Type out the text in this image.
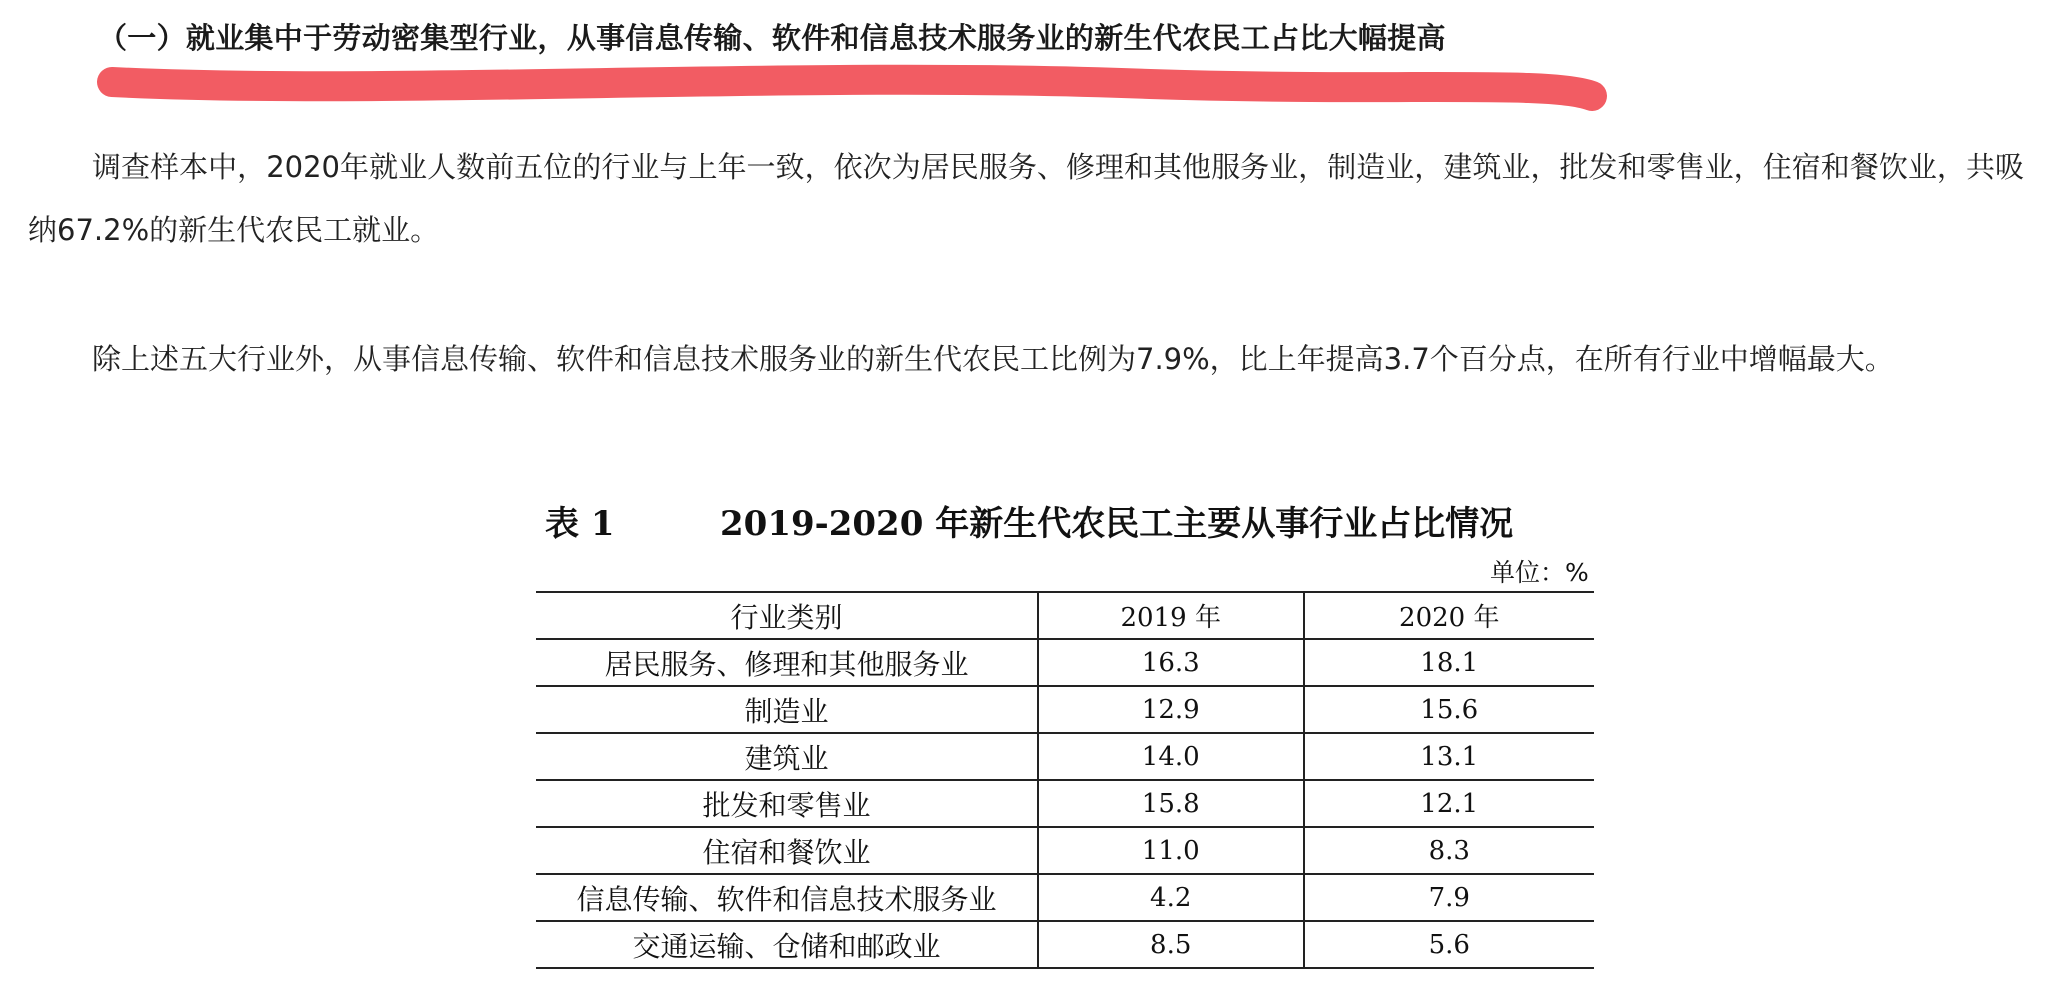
（一）就业集中于劳动密集型行业，从事信息传输、软件和信息技术服务业的新生代农民工占比大幅提高

调查样本中，2020年就业人数前五位的行业与上年一致，依次为居民服务、修理和其他服务业，制造业，建筑业，批发和零售业，住宿和餐饮业，共吸纳67.2%的新生代农民工就业。

除上述五大行业外，从事信息传输、软件和信息技术服务业的新生代农民工比例为7.9%，比上年提高3.7个百分点，在所有行业中增幅最大。

表 1	2019-2020 年新生代农民工主要从事行业占比情况
单位：%
行业类别	2019 年	2020 年
居民服务、修理和其他服务业	16.3	18.1
制造业	12.9	15.6
建筑业	14.0	13.1
批发和零售业	15.8	12.1
住宿和餐饮业	11.0	8.3
信息传输、软件和信息技术服务业	4.2	7.9
交通运输、仓储和邮政业	8.5	5.6
